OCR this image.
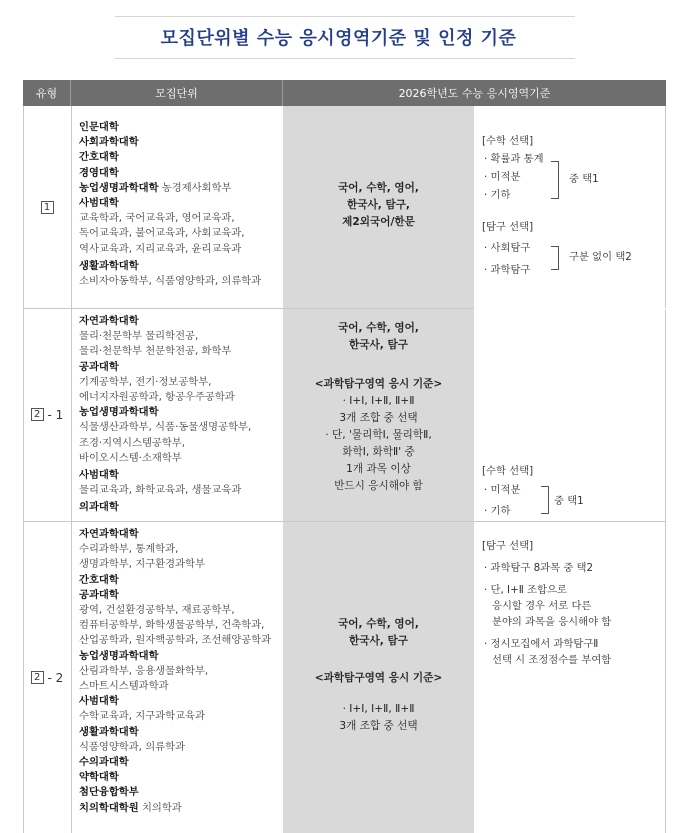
모집단위별 수능 응시영역기준 및 인정 기준
유형	모집단위	2026학년도 수능 응시영역기준
1
인문대학
사회과학대학
간호대학
경영대학
농업생명과학대학 농경제사회학부
사범대학
교육학과, 국어교육과, 영어교육과,
독어교육과, 불어교육과, 사회교육과,
역사교육과, 지리교육과, 윤리교육과
생활과학대학
소비자아동학부, 식품영양학과, 의류학과
국어, 수학, 영어,
한국사, 탐구,
제2외국어/한문
[수학 선택]
· 확률과 통계
· 미적분
· 기하
중 택1
[탐구 선택]
· 사회탐구
· 과학탐구
구분 없이 택2
2
- 1
자연과학대학
물리·천문학부 물리학전공,
물리·천문학부 천문학전공, 화학부
공과대학
기계공학부, 전기·정보공학부,
에너지자원공학과, 항공우주공학과
농업생명과학대학
식물생산과학부, 식품·동물생명공학부,
조경·지역시스템공학부,
바이오시스템·소재학부
사범대학
물리교육과, 화학교육과, 생물교육과
의과대학
국어, 수학, 영어,
한국사, 탐구
<과학탐구영역 응시 기준>
· Ⅰ+Ⅰ, Ⅰ+Ⅱ, Ⅱ+Ⅱ
3개 조합 중 선택
· 단, '물리학Ⅰ, 물리학Ⅱ,
화학Ⅰ, 화학Ⅱ' 중
1개 과목 이상
반드시 응시해야 함
[수학 선택]
· 미적분
· 기하
중 택1
[탐구 선택]
· 과학탐구 8과목 중 택2
· 단, Ⅰ+Ⅱ 조합으로
응시할 경우 서로 다른
분야의 과목을 응시해야 함
· 정시모집에서 과학탐구Ⅱ
선택 시 조정점수를 부여함
2
- 2
자연과학대학
수리과학부, 통계학과,
생명과학부, 지구환경과학부
간호대학
공과대학
광역, 건설환경공학부, 재료공학부,
컴퓨터공학부, 화학생물공학부, 건축학과,
산업공학과, 원자핵공학과, 조선해양공학과
농업생명과학대학
산림과학부, 응용생물화학부,
스마트시스템과학과
사범대학
수학교육과, 지구과학교육과
생활과학대학
식품영양학과, 의류학과
수의과대학
약학대학
첨단융합학부
치의학대학원 치의학과
국어, 수학, 영어,
한국사, 탐구
<과학탐구영역 응시 기준>
· Ⅰ+Ⅰ, Ⅰ+Ⅱ, Ⅱ+Ⅱ
3개 조합 중 선택
